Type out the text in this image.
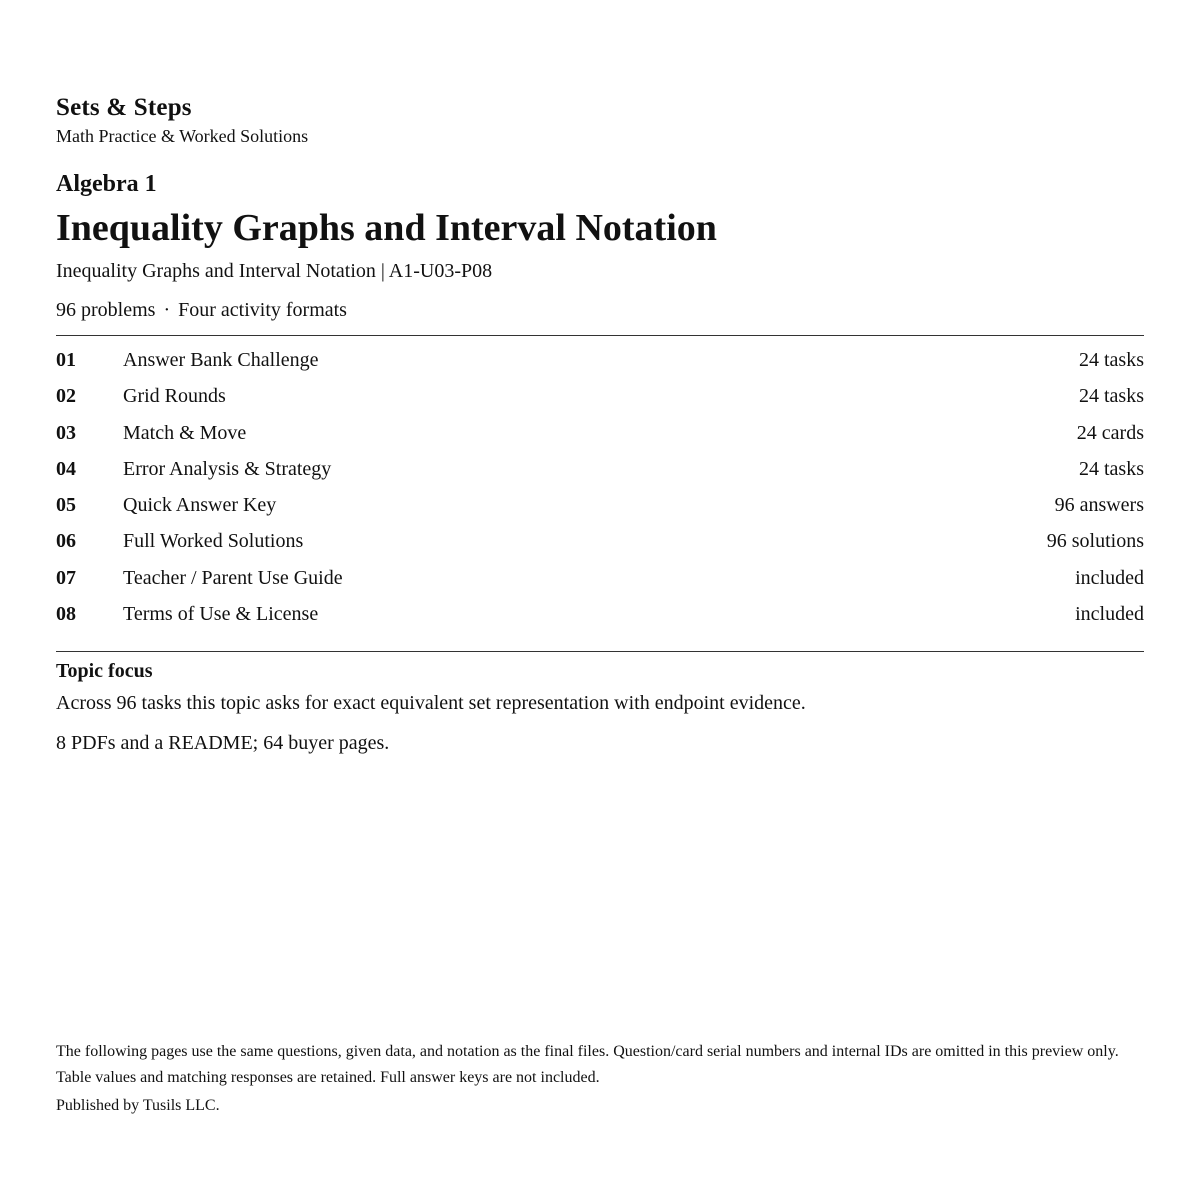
Sets & Steps
Math Practice & Worked Solutions
Algebra 1
Inequality Graphs and Interval Notation
Inequality Graphs and Interval Notation | A1-U03-P08
96 problems · Four activity formats
01 Answer Bank Challenge	24 tasks
02 Grid Rounds	24 tasks
03 Match & Move	24 cards
04 Error Analysis & Strategy	24 tasks
05 Quick Answer Key	96 answers
06 Full Worked Solutions	96 solutions
07 Teacher / Parent Use Guide	included
08 Terms of Use & License	included
Topic focus
Across 96 tasks this topic asks for exact equivalent set representation with endpoint evidence.
8 PDFs and a README; 64 buyer pages.
The following pages use the same questions, given data, and notation as the final files. Question/card serial numbers and internal IDs are omitted in this preview only. Table values and matching responses are retained. Full answer keys are not included.
Published by Tusils LLC.
